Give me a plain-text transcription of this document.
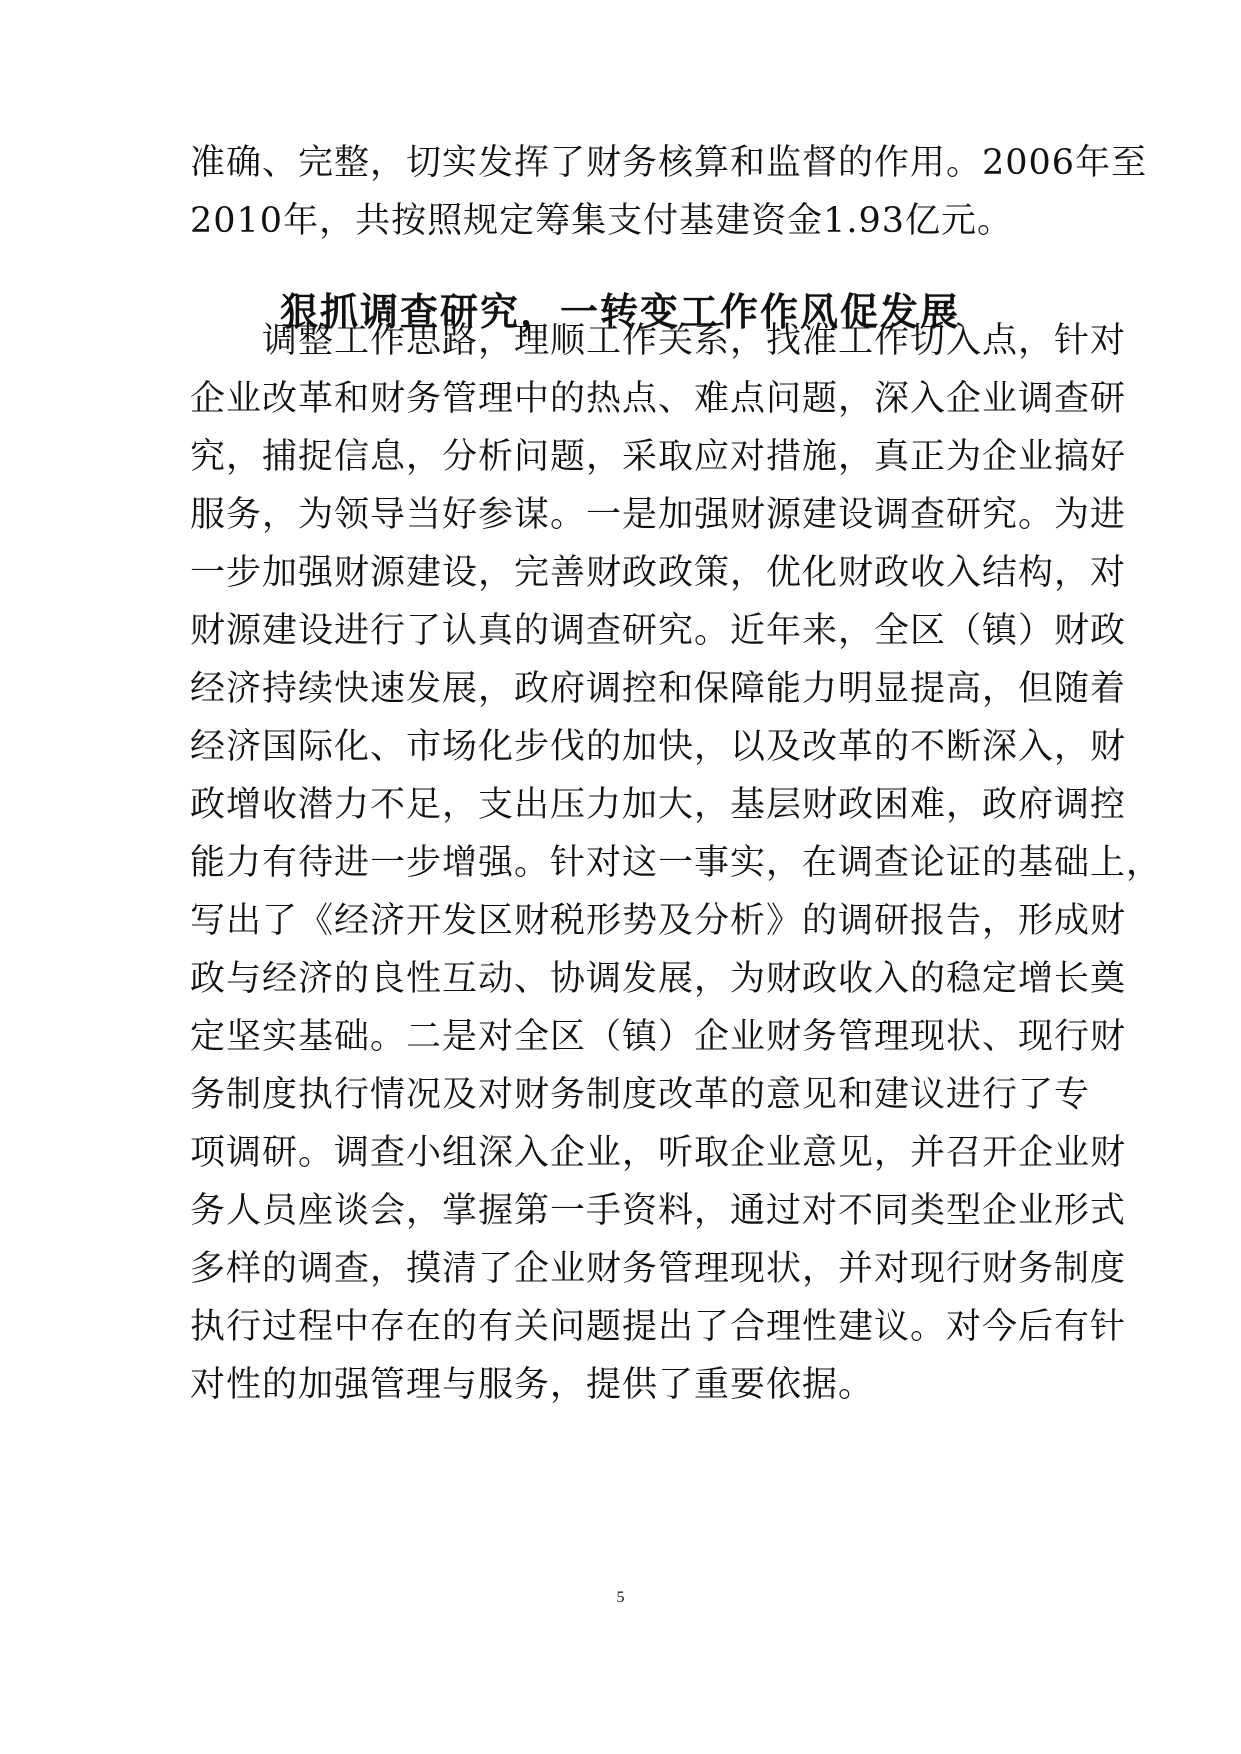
准确、完整，切实发挥了财务核算和监督的作用。2006年至
2010年，共按照规定筹集支付基建资金1.93亿元。
狠抓调查研究，一转变工作作风促发展
　　调整工作思路，理顺工作关系，找准工作切入点，针对
企业改革和财务管理中的热点、难点问题，深入企业调查研
究，捕捉信息，分析问题，采取应对措施，真正为企业搞好
服务，为领导当好参谋。一是加强财源建设调查研究。为进
一步加强财源建设，完善财政政策，优化财政收入结构，对
财源建设进行了认真的调查研究。近年来，全区（镇）财政
经济持续快速发展，政府调控和保障能力明显提高，但随着
经济国际化、市场化步伐的加快，以及改革的不断深入，财
政增收潜力不足，支出压力加大，基层财政困难，政府调控
能力有待进一步增强。针对这一事实，在调查论证的基础上，
写出了《经济开发区财税形势及分析》的调研报告，形成财
政与经济的良性互动、协调发展，为财政收入的稳定增长奠
定坚实基础。二是对全区（镇）企业财务管理现状、现行财
务制度执行情况及对财务制度改革的意见和建议进行了专
项调研。调查小组深入企业，听取企业意见，并召开企业财
务人员座谈会，掌握第一手资料，通过对不同类型企业形式
多样的调查，摸清了企业财务管理现状，并对现行财务制度
执行过程中存在的有关问题提出了合理性建议。对今后有针
对性的加强管理与服务，提供了重要依据。
5
